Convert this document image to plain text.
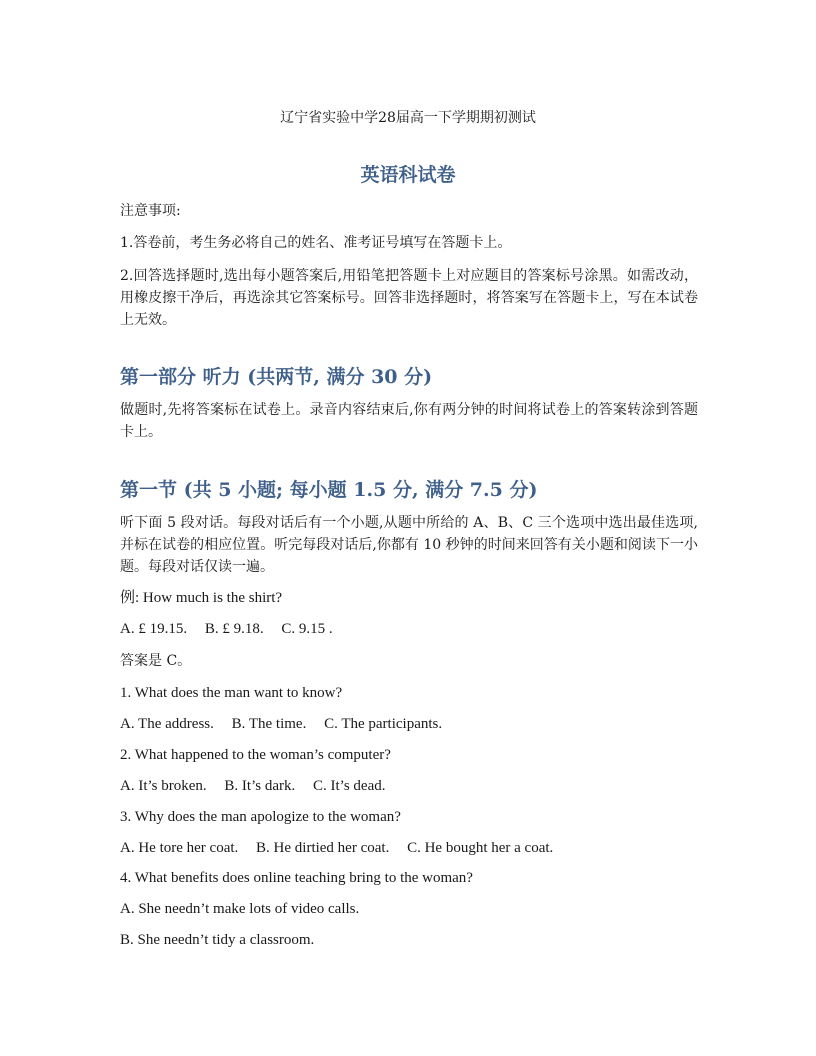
辽宁省实验中学28届高一下学期期初测试
英语科试卷
注意事项:
1.答卷前，考生务必将自己的姓名、准考证号填写在答题卡上。
2.回答选择题时,选出每小题答案后,用铅笔把答题卡上对应题目的答案标号涂黑。如需改动，用橡皮擦干净后，再选涂其它答案标号。回答非选择题时，将答案写在答题卡上，写在本试卷上无效。
第一部分 听力 (共两节, 满分 30 分)
做题时,先将答案标在试卷上。录音内容结束后,你有两分钟的时间将试卷上的答案转涂到答题卡上。
第一节 (共 5 小题; 每小题 1.5 分, 满分 7.5 分)
听下面 5 段对话。每段对话后有一个小题,从题中所给的 A、B、C 三个选项中选出最佳选项,并标在试卷的相应位置。听完每段对话后,你都有 10 秒钟的时间来回答有关小题和阅读下一小题。每段对话仅读一遍。
例: How much is the shirt?
A. £ 19.15. B. £ 9.18. C. 9.15 .
答案是 C。
1. What does the man want to know?
A. The address. B. The time. C. The participants.
2. What happened to the woman’s computer?
A. It’s broken. B. It’s dark. C. It’s dead.
3. Why does the man apologize to the woman?
A. He tore her coat. B. He dirtied her coat. C. He bought her a coat.
4. What benefits does online teaching bring to the woman?
A. She needn’t make lots of video calls.
B. She needn’t tidy a classroom.
